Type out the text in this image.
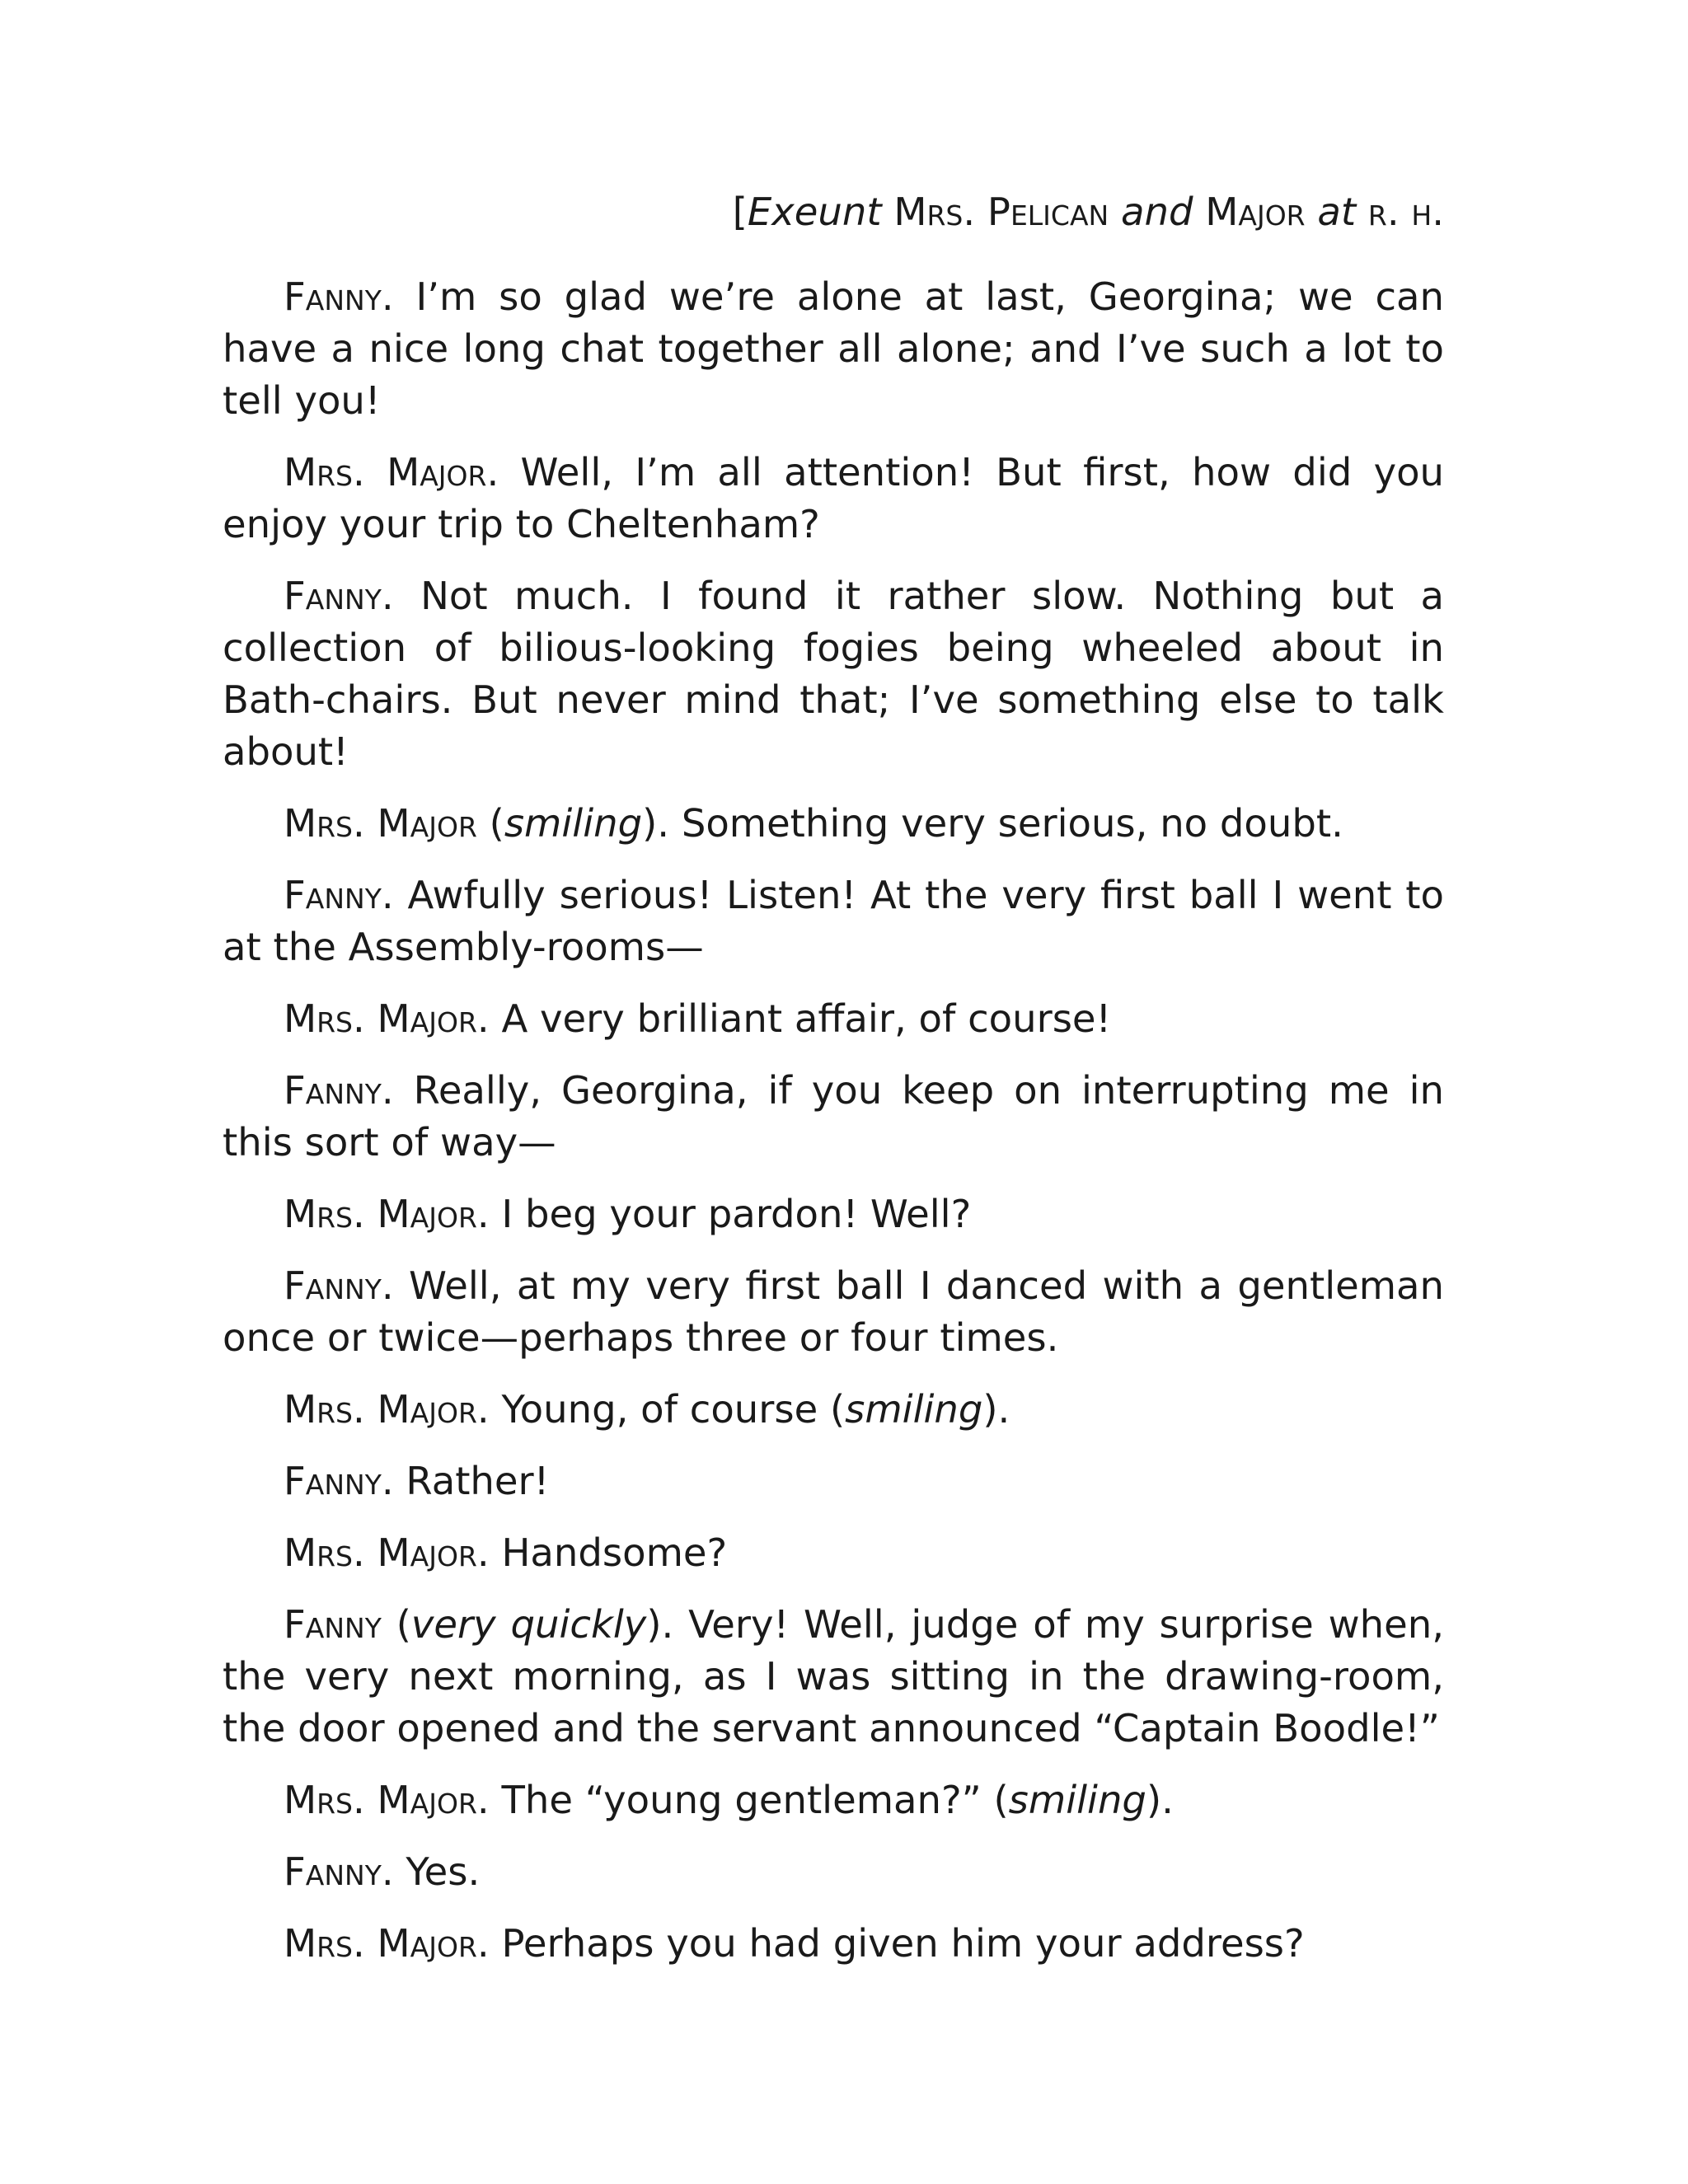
[Exeunt Mrs. Pelican and Major at r. h.

Fanny. I’m so glad we’re alone at last, Georgina; we can have a nice long chat together all alone; and I’ve such a lot to tell you!

Mrs. Major. Well, I’m all attention! But first, how did you enjoy your trip to Cheltenham?

Fanny. Not much. I found it rather slow. Nothing but a collection of bilious-looking fogies being wheeled about in Bath-chairs. But never mind that; I’ve something else to talk about!

Mrs. Major (smiling). Something very serious, no doubt.

Fanny. Awfully serious! Listen! At the very first ball I went to at the Assembly-rooms—

Mrs. Major. A very brilliant affair, of course!

Fanny. Really, Georgina, if you keep on interrupting me in this sort of way—

Mrs. Major. I beg your pardon! Well?

Fanny. Well, at my very first ball I danced with a gentleman once or twice—perhaps three or four times.

Mrs. Major. Young, of course (smiling).

Fanny. Rather!

Mrs. Major. Handsome?

Fanny (very quickly). Very! Well, judge of my surprise when, the very next morning, as I was sitting in the drawing-room, the door opened and the servant announced “Captain Boodle!”

Mrs. Major. The “young gentleman?” (smiling).

Fanny. Yes.

Mrs. Major. Perhaps you had given him your address?
